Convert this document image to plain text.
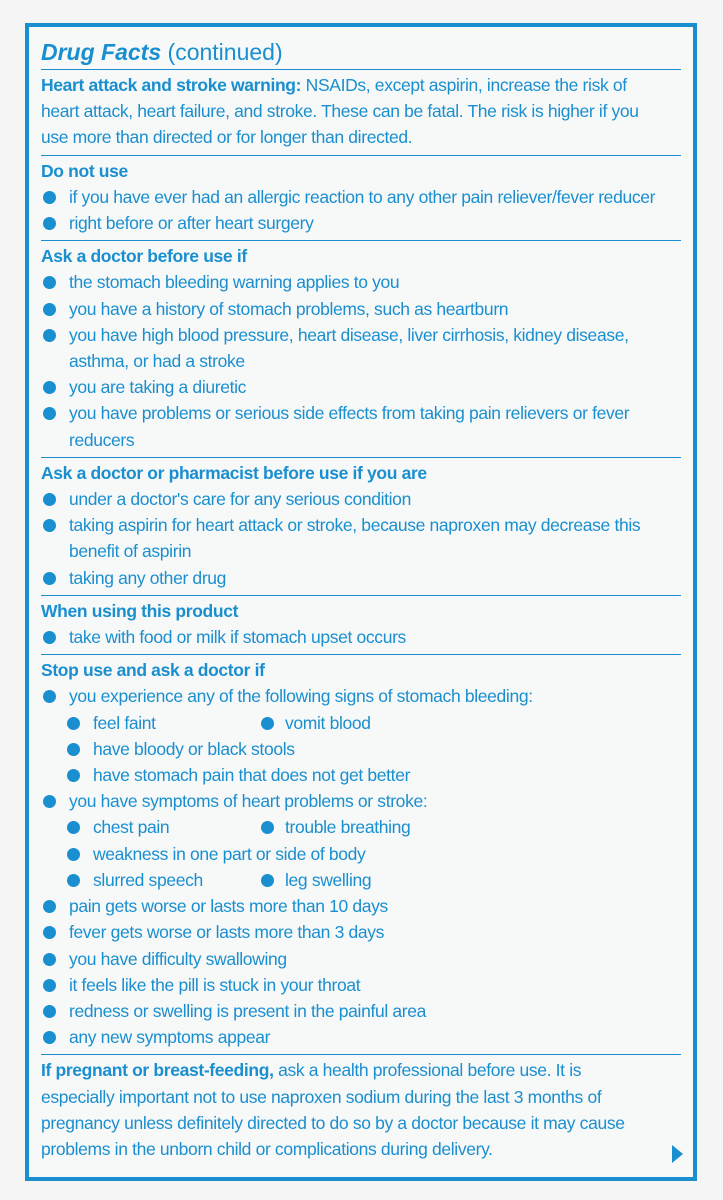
Drug Facts (continued)
Heart attack and stroke warning: NSAIDs, except aspirin, increase the risk of
heart attack, heart failure, and stroke. These can be fatal. The risk is higher if you
use more than directed or for longer than directed.
Do not use
if you have ever had an allergic reaction to any other pain reliever/fever reducer
right before or after heart surgery
Ask a doctor before use if
the stomach bleeding warning applies to you
you have a history of stomach problems, such as heartburn
you have high blood pressure, heart disease, liver cirrhosis, kidney disease,
asthma, or had a stroke
you are taking a diuretic
you have problems or serious side effects from taking pain relievers or fever
reducers
Ask a doctor or pharmacist before use if you are
under a doctor's care for any serious condition
taking aspirin for heart attack or stroke, because naproxen may decrease this
benefit of aspirin
taking any other drug
When using this product
take with food or milk if stomach upset occurs
Stop use and ask a doctor if
you experience any of the following signs of stomach bleeding:
feel faint	vomit blood
have bloody or black stools
have stomach pain that does not get better
you have symptoms of heart problems or stroke:
chest pain	trouble breathing
weakness in one part or side of body
slurred speech	leg swelling
pain gets worse or lasts more than 10 days
fever gets worse or lasts more than 3 days
you have difficulty swallowing
it feels like the pill is stuck in your throat
redness or swelling is present in the painful area
any new symptoms appear
If pregnant or breast-feeding, ask a health professional before use. It is
especially important not to use naproxen sodium during the last 3 months of
pregnancy unless definitely directed to do so by a doctor because it may cause
problems in the unborn child or complications during delivery.
